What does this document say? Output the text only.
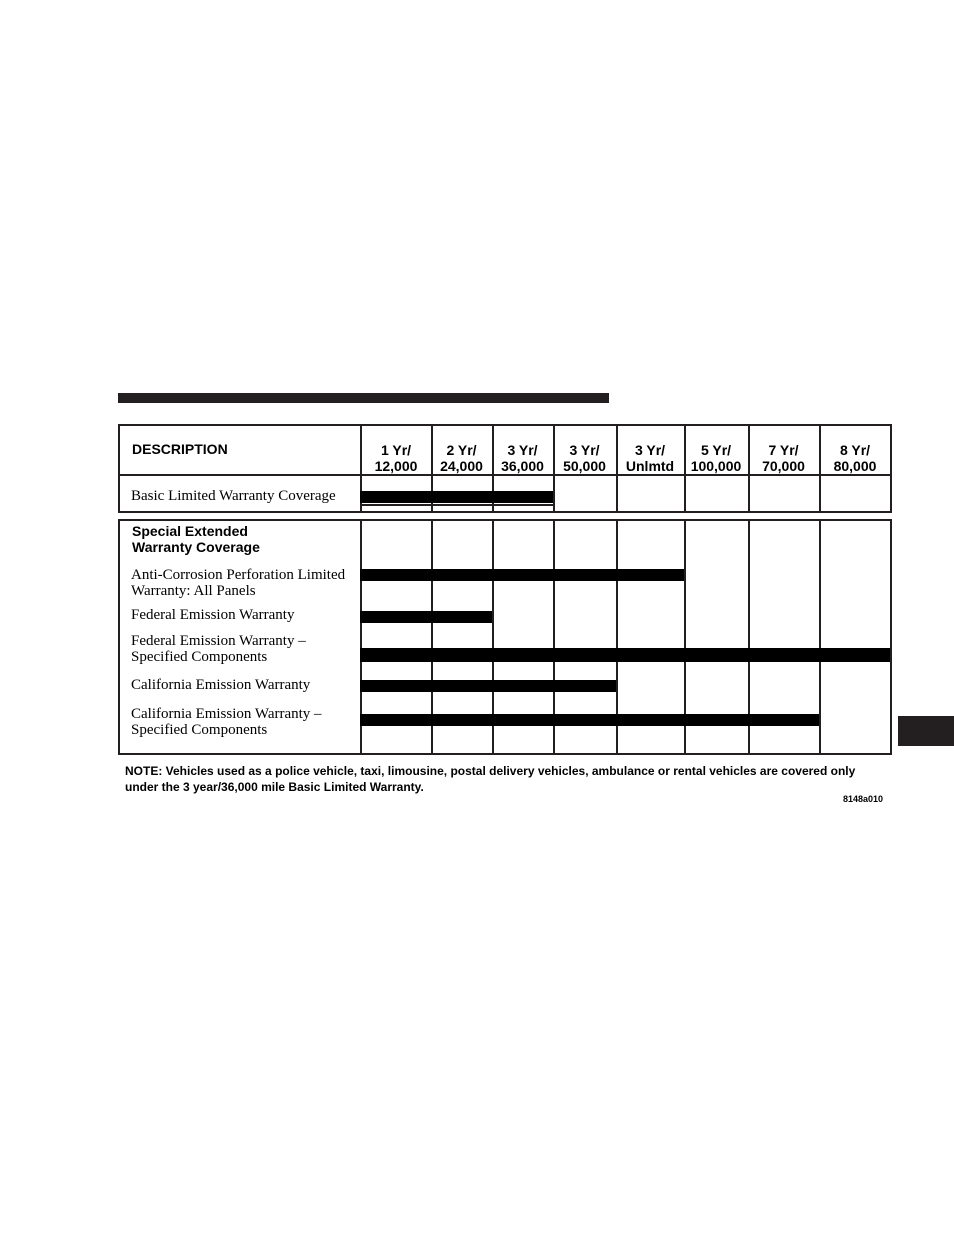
DESCRIPTION	1 Yr/
12,000
2 Yr/
24,000
3 Yr/
36,000
3 Yr/
50,000
3 Yr/
Unlmtd
5 Yr/
100,000
7 Yr/
70,000
8 Yr/
80,000
Basic Limited Warranty Coverage
Special Extended
Warranty Coverage
Anti-Corrosion Perforation Limited
Warranty: All Panels
Federal Emission Warranty
Federal Emission Warranty –
Specified Components
California Emission Warranty
California Emission Warranty –
Specified Components
NOTE: Vehicles used as a police vehicle, taxi, limousine, postal delivery vehicles, ambulance or rental vehicles are covered only under the 3 year/36,000 mile Basic Limited Warranty.
8148a010
